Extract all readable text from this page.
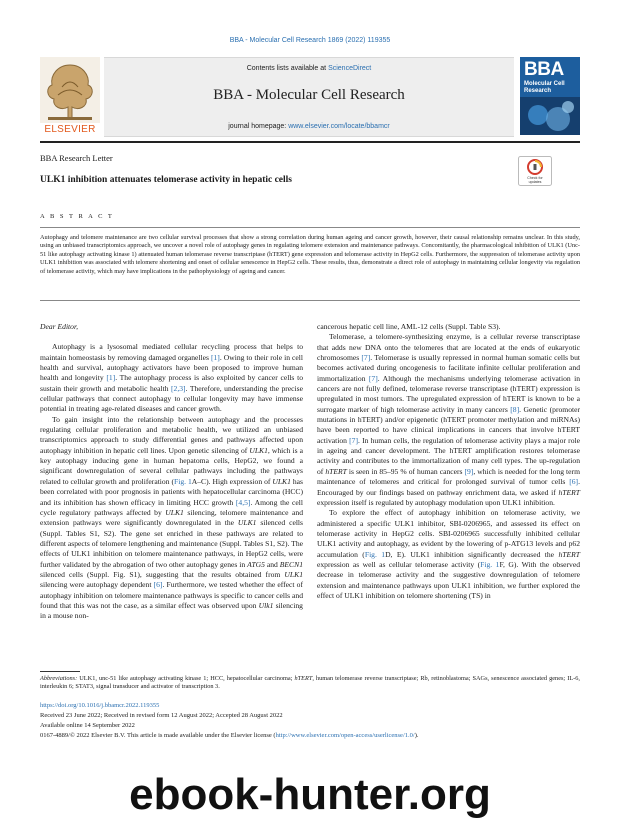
BBA - Molecular Cell Research 1869 (2022) 119355
ELSEVIER
Contents lists available at ScienceDirect
BBA - Molecular Cell Research
journal homepage: www.elsevier.com/locate/bbamcr
BBA
Molecular Cell Research
BBA Research Letter
ULK1 inhibition attenuates telomerase activity in hepatic cells	Check for
updates
A B S T R A C T
Autophagy and telomere maintenance are two cellular survival processes that show a strong correlation during human ageing and cancer growth, however, their causal relationship remains unclear. In this study, using an unbiased transcriptomics approach, we uncover a novel role of autophagy genes in regulating telomere extension and maintenance pathways. Concomitantly, the pharmacological inhibition of ULK1 (Unc-51 like autophagy activating kinase 1) attenuated human telomerase reverse transcriptase (hTERT) gene expression and telomerase activity in HepG2 cells. Furthermore, the suppression of telomerase activity upon ULK1 inhibition was associated with telomere shortening and onset of cellular senescence in HepG2 cells. These results, thus, demonstrate a direct role of autophagy in maintaining cellular longevity via regulation of telomerase activity, which may have implications in the pathophysiology of ageing and cancer.

Dear Editor,

Autophagy is a lysosomal mediated cellular recycling process that helps to maintain homeostasis by removing damaged organelles [1]. Owing to their role in cell health and survival, autophagy activators have been proposed to improve human health and longevity [1]. The autophagy process is also exploited by cancer cells to sustain their growth and metabolic health [2,3]. Therefore, understanding the precise cellular pathways that connect autophagy to cellular longevity may have immense potential in treating age-related diseases and cancer growth.

To gain insight into the relationship between autophagy and the processes regulating cellular proliferation and metabolic health, we utilized an unbiased transcriptomics approach to study differential genes and pathways affected upon autophagy inhibition in hepatic cell lines. Upon genetic silencing of ULK1, which is a key autophagy inducing gene in human hepatoma cells, HepG2, we found a significant downregulation of several cellular pathways including the pathways related to cellular growth and proliferation (Fig. 1A–C). High expression of ULK1 has been correlated with poor prognosis in patients with hepatocellular carcinoma (HCC) and its inhibition has shown efficacy in limiting HCC growth [4,5]. Among the cell cycle regulatory pathways affected by ULK1 silencing, telomere maintenance and extension pathways were significantly downregulated in the ULK1 silenced cells (Suppl. Tables S1, S2). The gene set enriched in these pathways are related to different aspects of telomere lengthening and maintenance (Suppl. Tables S1, S2). The effects of ULK1 inhibition on telomere maintenance pathways, in HepG2 cells, were further validated by the abrogation of two other autophagy genes in ATG5 and BECN1 silenced cells (Suppl. Fig. S1), suggesting that the results obtained from ULK1 silencing were autophagy dependent [6]. Furthermore, we tested whether the effect of autophagy inhibition on telomere maintenance pathways is specific to cancer cells and found that this was not the case, as a similar effect was observed upon Ulk1 silencing in a mouse non-

cancerous hepatic cell line, AML-12 cells (Suppl. Table S3).

Telomerase, a telomere-synthesizing enzyme, is a cellular reverse transcriptase that adds new DNA onto the telomeres that are located at the ends of eukaryotic chromosomes [7]. Telomerase is usually repressed in normal human somatic cells but becomes activated during oncogenesis to facilitate infinite cellular proliferation and immortalization [7]. Although the mechanisms underlying telomerase activation in cancers are not fully defined, telomerase reverse transcriptase (hTERT) expression is upregulated in most tumors. The upregulated expression of hTERT is known to be a surrogate marker of high telomerase activity in many cancers [8]. Genetic (promoter mutations in hTERT) and/or epigenetic (hTERT promoter methylation and miRNAs) have been reported to have clinical implications in cancers that involve hTERT activation [7]. In human cells, the regulation of telomerase activity plays a major role in ageing and cancer development. The hTERT amplification restores telomerase activity and contributes to the immortalization of many cell types. The up-regulation of hTERT is seen in 85–95 % of human cancers [9], which is needed for the long term maintenance of telomeres and critical for prolonged survival of tumor cells [6]. Encouraged by our findings based on pathway enrichment data, we asked if hTERT expression itself is regulated by autophagy modulation upon ULK1 inhibition.

To explore the effect of autophagy inhibition on telomerase activity, we administered a specific ULK1 inhibitor, SBI-0206965, and assessed its effect on telomerase activity in HepG2 cells. SBI-0206965 successfully inhibited cellular ULK1 activity and autophagy, as evident by the lowering of p-ATG13 levels and p62 accumulation (Fig. 1D, E). ULK1 inhibition significantly decreased the hTERT expression as well as cellular telomerase activity (Fig. 1F, G). With the observed decrease in telomerase activity and the suggestive downregulation of telomere extension and maintenance pathways upon ULK1 inhibition, we further explored the effect of ULK1 inhibition on telomere shortening (TS) in

Abbreviations: ULK1, unc-51 like autophagy activating kinase 1; HCC, hepatocellular carcinoma; hTERT, human telomerase reverse transcriptase; Rb, retinoblastoma; SAGs, senescence associated genes; IL-6, interleukin 6; STAT3, signal transducer and activator of transcription 3.
https://doi.org/10.1016/j.bbamcr.2022.119355
Received 23 June 2022; Received in revised form 12 August 2022; Accepted 28 August 2022
Available online 14 September 2022
0167-4889/© 2022 Elsevier B.V. This article is made available under the Elsevier license (http://www.elsevier.com/open-access/userlicense/1.0/).
ebook-hunter.org
